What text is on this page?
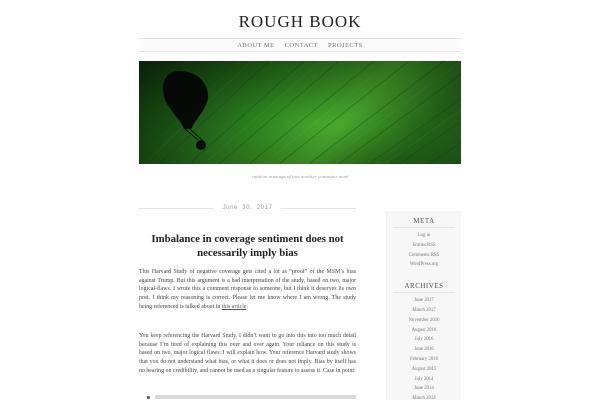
ROUGH BOOK
ABOUT ME CONTACT PROJECTS
random musings of just another computer nerd
June 30, 2017
Imbalance in coverage sentiment does not necessarily imply bias

This Harvard Study of negative coverage gets cited a lot as “proof” of the MSM’s bias against Trump. But this argument is a bad interpretation of the study, based on two, major logical-flaws. I wrote this a comment response to someone, but I think it deserves its own post. I think my reasoning is correct. Please let me know where I am wrong. The study being referenced is talked about in this article.

You keep referencing the Harvard Study. I didn’t want to go into this into too much detail because I’m tired of explaining this over and over again. Your reliance on this study is based on two, major logical flaws. I will explain how. Your reference Harvard study shows that you do not understand what bias, or what it does or does not imply. Bias by itself has no bearing on credibility, and cannot be used as a singular feature to assess it. Case in point:

META
Log in
Entries RSS
Comments RSS
WordPress.org
ARCHIVES
June 2017
March 2017
November 2016
August 2016
July 2016
June 2016
February 2016
August 2015
July 2014
June 2014
March 2014
